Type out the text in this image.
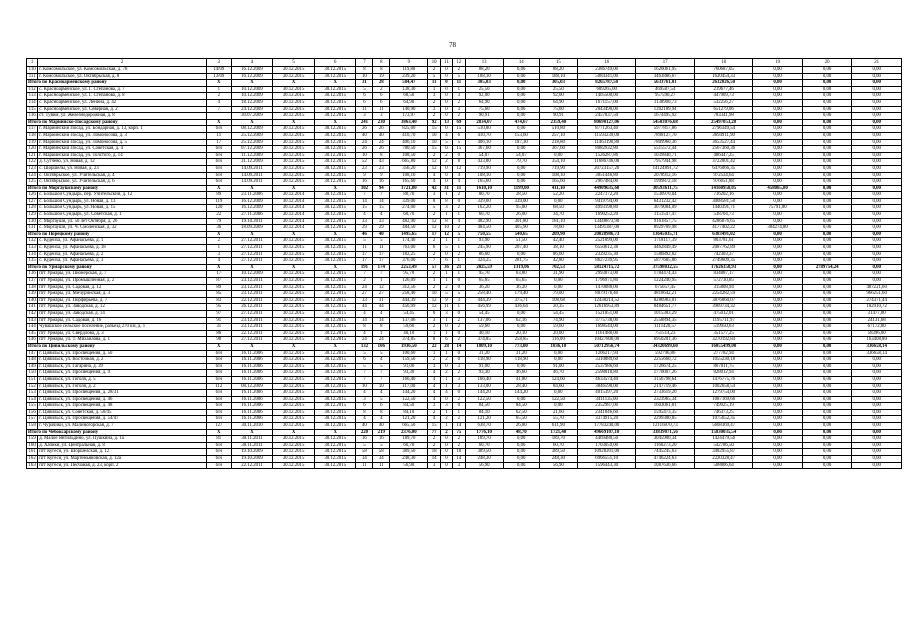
78
1	2	3	4	5	6	7	8	9	10	11	12	13	14	15	16	17	18	19	20	21
110	г. Комсомольское, ул. Комсомольская, д. 78	14/09	16.12.2009	30.12.2015	30.12.2015	8	8	119,80	2	0	2	88,20	0,00	88,20	2386749,00	1626061,95	760687,05	0,00	0,00	0,00
111	г. Комсомольское, ул. Октябрьская, д. 8	13/09	16.12.2009	30.12.2015	30.12.2015	10	19	239,20	5	0	5	188,10	0,00	188,10	5084341,00	3463886,67	1620454,33	0,00	0,00	0,00
Итого по Красноармейскому району		X	X	X	X	31	28	584,47	11	0	11	305,03	0,00	305,03	8265787,50	5633761,01	2632026,50	0,00	0,00	0,00
112	с. Красноармейское, ул. Г. Степанова, д. 7	1	10.12.2009	30.12.2015	30.12.2015	5	2	138,30	1	0	1	25,50	0,00	25,50	689265,00	469587,54	219677,46	0,00	0,00	0,00
113	с. Красноармейское, ул. Г. Степанова, д. 8	2	10.12.2009	30.12.2015	30.12.2015	6	6	68,50	3	0	3	92,00	0,00	92,00	1405500,00	957590,27	447909,73	0,00	0,00	0,00
114	с. Красноармейское, ул. Ленина, д. 42	4	18.12.2009	30.12.2015	30.12.2015	6	6	64,90	2	0	2	64,90	0,00	64,90	1671157,00	1138900,73	532256,27	0,00	0,00	0,00
115	с. Красноармейское, ул. Северная, д. 2	7	24.12.2009	30.12.2015	30.12.2015	11	11	140,90	3	0	3	75,60	0,00	75,60	2043498,00	1392189,94	651279,06	0,00	0,00	0,00
116	ст. Тувим, ул. Железнодорожная, д. 8		30.07.2009	30.12.2015	30.12.2015	3	3	173,97	2	0	2	90,91	0,00	90,91	2457837,50	1674495,92	783341,98	0,00	0,00	0,00
Итого по Мариинско-Посадскому району		X	X	X	X	241	230	3863,40	92	13	69	2834,07	474,67	2359,40	80690127,06	54503076,68	25497053,28	0,00	0,00	0,00
117	г. Мариинский Посад, ул. Бондарная, д. 13, корп. 1	б/н	08.12.2009	30.12.2015	30.12.2015	26	26	825,00	15	0	15	510,80	0,00	510,80	8771263,40	5977817,86	2796349,54	0,00	0,00	0,00
118	г. Мариинский Посад, ул. Ломоносова, д. 3	11	25.12.2009	30.12.2015	30.12.2015	40	40	410,70	10	4	6	410,70	153,60	257,10	11593239,00	7898127,70	3694911,90	0,00	0,00	0,00
119	г. Мариинский Посад, ул. Ломоносова, д. 5	17	25.12.2009	30.12.2015	30.12.2015	24	24	406,10	10	5	5	406,10	187,30	218,80	11463190,80	7809960,36	3653527,44	0,00	0,00	0,00
120	г. Мариинский Посад, ул. Советская, д. 4	б/н	07.12.2009	30.12.2015	30.12.2015	26	26	780,50	15	0	15	367,60	0,00	367,60	8082932,80	5515572,44	2567360,36	0,00	0,00	0,00
121	г. Мариинский Посад, ул. Толстого, д. 14	б/н	11.12.2009	30.12.2015	30.12.2015	10	8	108,50	2	2	0	54,07	54,07	0,00	1526287,86	1039840,71	486447,25	0,00	0,00	0,00
122	д. Сутчево, ул. Новая, д. 12	б/н	31.12.2009	30.12.2015	30.12.2015	52	43	665,80	12	2	8	433,80	79,70	354,10	11686746,00	7957944,98	3722801,42	0,00	0,00	0,00
123	с. Шоршелы, ул. Новая, д. 23	б/н	14.09.2011	30.12.2015	30.12.2015	23	23	356,20	12	0	12	719,90	0,00	719,90	20723157,20	14124891,72	6476066,35	0,00	0,00	0,00
124	с. Октябрьское, ул. Учительская, д. 4	б/н	14.09.2011	30.12.2015	30.12.2015	9	9	108,10	4	0	4	108,10	0,00	108,10	3051446,80	2078912,16	972534,64	0,00	0,00	0,00
125	с. Октябрьское, ул. Учительская, д. 6	б/н	14.09.2011	30.12.2015	30.12.2015	16	16	165,60	4	0	4	165,60	0,00	165,60	2967484,00	1999872,18	976651,88	0,00	0,00	0,00
Итого по Моргаушскому району		X	X	X	X	102	94	1721,80	42	31	11	1610,10	1199,00	411,10	44909635,60	30593611,75	14160958,05	458065,80	0,00	0,00
126	с. Большой Сундырь, пер. Учительский, д. 12	89	23.11.2006	30.12.2014	30.12.2015	7	7	80,70	3	1	2	80,70	28,50	52,20	2247172,20	1530970,04	716202,16	0,00	0,00	0,00
127	с. Большой Сундырь, ул. Новая, д. 13	119	16.12.2009	30.12.2014	30.12.2015	14	14	339,00	8	8	0	339,00	339,00	0,00	9419794,00	6431232,42	3008581,58	0,00	0,00	0,00
128	с. Большой Сундырь, ул. Новая, д. 15	120	16.12.2009	30.12.2014	30.12.2015	15	15	274,00	5	3	2	162,20	95,80	68,50	4993198,80	3079084,09	1440391,71	75791,00	0,00	0,00
129	с. Большой Сундырь, ул. Советская, д. 1	22	27.11.2006	30.12.2014	30.12.2015	4	4	60,70	2	1	1	60,70	26,00	34,70	1690252,20	1151547,47	538704,73	0,00	0,00	0,00
130	с. Моргауши, ул. 50 лет Октября, д. 26	79	19.10.2011	30.12.2014	30.12.2015	33	33	482,90	12	8	4	482,90	301,80	181,10	13448873,90	9161857,75	4286876,65	0,00	0,00	0,00
131	с. Моргауши, ул. Ч. Смоленская, д. 32	36	18.09.2009	30.12.2014	30.12.2015	29	29	484,50	12	10	2	484,50	405,90	78,60	13491387,00	8929709,98	4177402,22	384274,80	0,00	0,00
Итого по Порецкому району		X	X	X	X	46	40	1495,65	17	12	5	750,55	540,65	209,90	20028986,73	13645035,71	6383491,02	0,00	0,00	0,00
132	с. Кудеиха, ул. Афанасьева, д. 1	2	27.12.2011	30.12.2015	30.12.2015	5	5	174,40	2	1	1	93,90	51,50	42,40	2521899,00	1718117,39	803781,61	0,00	0,00	0,00
133	с. Кудеиха, ул. Афанасьева, д. 18	1	27.12.2011	30.12.2015	30.12.2015	11	11	763,00	6	5	1	245,90	207,40	38,10	6550612,38	4462849,49	2087762,89	0,00	0,00	0,00
134	с. Кудеиха, ул. Афанасьева, д. 2	3	27.12.2011	30.12.2015	30.12.2015	17	17	182,25	2	0	2	86,60	0,00	86,60	2329235,30	1586892,82	742303,37	0,00	0,00	0,00
135	с. Кудеиха, ул. Афанасьева, д. 3	4	27.12.2011	30.12.2015	30.12.2015	17	17	376,00	7	6	1	324,25	281,75	42,80	8627239,95	5877685,86	2749609,35	0,00	0,00	0,00
Итого по Урмарскому району		X	X	X	X	191	174	2253,49	57	36	21	2025,59	1319,06	702,53	58124715,72	37598032,55	17626358,93	0,00	2789754,24	0,00
136	пгт Урмары, ул. Пионерская, д. 7	17	10.12.2009	30.12.2015	30.12.2015	7	7	95,70	2	1	1	95,70	63,80	31,90	2993873,00	1784474,43	834887,17	0,00	0,00	0,00
137	пгт Урмары, ул. Промышленная, д. 2	87	23.12.2011	30.12.2015	30.12.2015	2	1	126,09	1	1	0	65,65	65,65	0,00	1796971,80	1224240,95	572730,85	0,00	0,00	0,00
138	пгт Урмары, ул. Садовая, д. 12	89	23.12.2011	30.12.2015	30.12.2015	24	12	312,56	2	2	0	36,20	36,20	0,00	1470088,00	675057,45	315808,94	0,00	0,00	487221,60
139	пгт Урмары, ул. Мичуринская, д. 3	85	23.12.2011	30.12.2015	30.12.2015	27	27	258,40	10	5	5	258,40	179,40	79,00	8079176,40	4818642,21	2254282,59	0,00	0,00	966251,60
140	пгт Урмары, ул. Порфирьева, д. 7	83	22.12.2011	30.12.2015	30.12.2015	33	31	444,39	12	9	3	444,39	375,71	108,68	12438214,52	8286983,01	3876860,07	0,00	0,00	274371,44
141	пгт Урмары, ул. Заводская, д. 12	95	26.12.2011	30.12.2015	30.12.2015	44	44	456,99	12	11	1	456,99	436,64	20,35	12616953,89	8484651,77	3969734,32	0,00	0,00	182910,72
142	пгт Урмары, ул. Заводская, д. 14	97	27.12.2011	30.12.2015	30.12.2015	4	4	54,45	0	3	0	54,45	0,00	54,45	1521851,00	1015383,29	475012,01	0,00	0,00	31477,00
143	пгт Урмары, ул. Садовая, д. 16	91	23.12.2011	30.12.2015	30.12.2015	14	14	137,06	3	1	2	137,06	62,16	74,90	3775738,00	2558894,35	1195711,97	0,00	0,00	24131,68
144	Чувашское сельское поселение, разъезд 270 км, д. 1	31	23.12.2011	30.12.2015	30.12.2015	8	8	59,60	2	0	2	59,60	0,00	59,60	1698544,00	1111420,57	519950,63	0,00	0,00	67172,80
145	пгт Урмары, ул. Свердлова, д. 3	86	22.12.2011	30.12.2015	30.12.2015	4	1	40,10	1	1	0	40,10	20,10	20,00	1161488,00	751514,23	351577,25	0,00	0,00	58396,00
146	пгт Урмары, ул. Т. Михайлова, д. 1	98	27.12.2011	30.12.2015	30.12.2015	24	24	374,85	8	6	2	374,85	258,85	116,00	10427800,00	6950201,36	3270192,84	0,00	0,00	163408,80
Итого по Цивильскому району		X	X	X	X	132	106	1936,50	22	28	14	1809,10	773,00	1036,10	50712956,74	34320699,60	16055499,00	0,00	0,00	336658,14
147	г. Цивильск, ул. Просвещения, д. 50	б/н	16.11.2006	30.12.2015	30.12.2015	5	5	100,60	1	1	0	31,20	31,20	0,00	1206217,94	592796,86	277782,94	0,00	0,00	336658,14
148	г. Цивильск, ул. Восточная, д. 2	б/н	16.11.2006	30.12.2015	30.12.2015	6	4	159,50	2	2	0	118,90	118,90	0,00	3310889,60	2255660,72	1055230,18	0,00	0,00	0,00
149	г. Цивильск, ул. Гагарина, д. 39	б/н	16.11.2006	30.12.2015	30.12.2015	5	5	91,00	3	0	3	91,00	0,00	91,00	2537986,60	1726674,25	807011,75	0,00	0,00	0,00
150	г. Цивильск, ул. Просвещения, д. 9	б/н	16.11.2006	30.12.2015	30.12.2015	7	7	93,30	4	2	2	93,30	46,60	46,70	2598018,80	1770007,26	828012,94	0,00	0,00	0,00
151	г. Цивильск, ул. Гоголя, д. 5	б/н	16.11.2006	30.12.2015	30.12.2015	7	7	166,40	4	1	3	166,40	41,80	124,60	4633574,40	3156798,64	1476775,76	0,00	0,00	0,00
152	г. Цивильск, ул. Гоголя, д. 2	112	08.12.2009	30.12.2015	30.12.2015	10	10	117,00	4	1	3	133,00	28,40	84,60	3846598,00	2147719,46	1002658,54	0,00	0,00	0,00
153	г. Цивильск, ул. Просвещения, д. 28/31	б/н	16.11.2006	30.12.2015	30.12.2015	4	4	144,20	4	4	0	144,20	144,20	0,00	4015397,20	2733619,20	1279754,00	0,00	0,00	0,00
154	г. Цивильск, ул. Просвещения, д. 46	б/н	16.11.2006	30.12.2015	30.12.2015	3	5	122,50	4	0	2	122,50	0,00	122,50	3411135,00	2323965,34	1087169,66	0,00	0,00	0,00
155	г. Цивильск, ул. Просвещения, д. 48	б/н	16.11.2006	30.12.2015	30.12.2015	6	6	84,50	3	3	0	84,50	84,50	0,00	2352987,00	1603061,81	749925,19	0,00	0,00	0,00
156	г. Цивильск, ул. Советская, д. 50/45	б/н	16.11.2006	30.12.2015	30.12.2015	8	8	84,10	2	1	1	84,10	62,50	21,60	2341846,60	1595473,35	746373,25	0,00	0,00	0,00
157	г. Цивильск, ул. Просвещения, д. 54/47	б/н	16.11.2006	30.12.2015	30.12.2015	4	4	121,20	4	2	2	121,20	65,50	55,70	3374915,20	2299300,85	1075652,35	0,00	0,00	0,00
158	г. Чурачики, ул. Малиногорская, д. 7	127	30.11.2010	30.12.2015	30.12.2015	40	40	665,50	15	1	14	638,70	26,80	611,90	17783240,00	12116870,73	5668369,47	0,00	0,00	0,00
Итого по Чебоксарскому району		X	X	X	X	220	219	2376,00	77	2	75	1776,10	48,70	1721,40	49669107,10	33839071,56	15830035,54	0,00	0,00	0,00
159	д. Малое Янгильдино, ул. Пушкина, д. 1а	81	30.11.2011	30.12.2015	30.12.2015	16	16	189,70	2	0	2	189,70	0,00	189,70	4469480,50	3045900,34	1424479,56	0,00	0,00	0,00
160	д. Хачики, ул. Центральная, д. 8	б/н	30.11.2011	30.12.2015	30.12.2015	5	5	60,70	2	0	2	60,70	0,00	60,70	1703059,00	1160273,20	542786,50	0,00	0,00	0,00
161	пгт Кугеси, ул. Шоршелская, д. 12	б/н	19.10.2009	30.12.2015	30.12.2015	58	58	389,50	18	0	18	389,50	0,00	389,50	10928201,00	7445245,63	3482955,87	0,00	0,00	0,00
162	пгт Кугеси, ул. Мартемьяновская, д. 12а	б/н	19.10.2009	30.12.2015	30.12.2015	34	34	248,30	14	0	14	248,30	0,00	248,30	6966551,10	4746224,63	2220328,47	0,00	0,00	0,00
163	пгт Кугеси, ул. Песчаная, д. 23, корп. 2	б/н	22.12.2011	30.12.2015	30.12.2015	11	11	56,90	3	0	3	56,90	0,00	56,90	1596443,30	1087636,66	508806,64	0,00	0,00	0,00
